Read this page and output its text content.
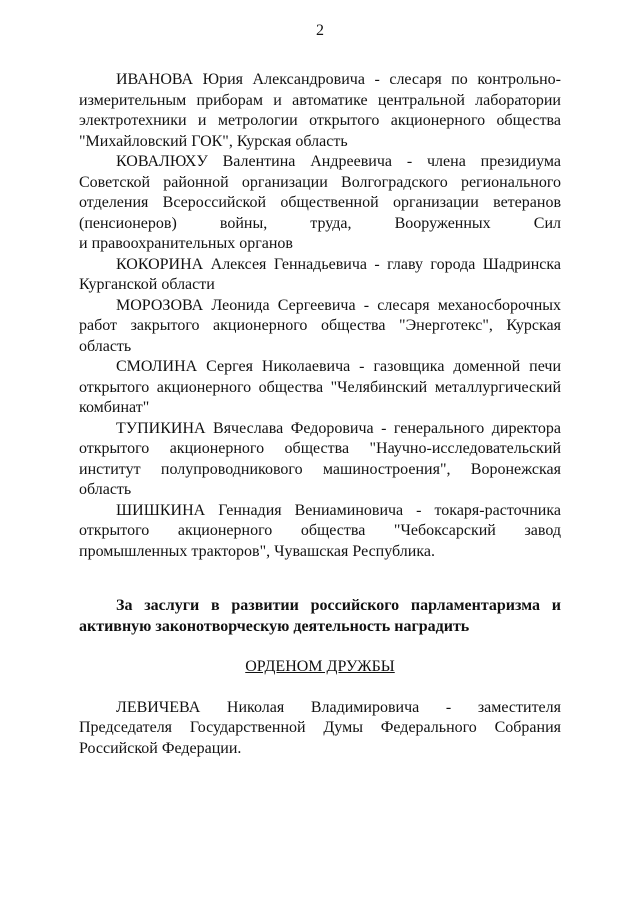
2
ИВАНОВА Юрия Александровича - слесаря по контрольно-
измерительным приборам и автоматике центральной лаборатории
электротехники и метрологии открытого акционерного общества
"Михайловский ГОК", Курская область
КОВАЛЮХУ Валентина Андреевича - члена президиума
Советской районной организации Волгоградского регионального
отделения Всероссийской общественной организации ветеранов
(пенсионеров) войны, труда, Вооруженных Сил
и правоохранительных органов
КОКОРИНА Алексея Геннадьевича - главу города Шадринска
Курганской области
МОРОЗОВА Леонида Сергеевича - слесаря механосборочных
работ закрытого акционерного общества "Энерготекс", Курская
область
СМОЛИНА Сергея Николаевича - газовщика доменной печи
открытого акционерного общества "Челябинский металлургический
комбинат"
ТУПИКИНА Вячеслава Федоровича - генерального директора
открытого акционерного общества "Научно-исследовательский
институт полупроводникового машиностроения", Воронежская
область
ШИШКИНА Геннадия Вениаминовича - токаря-расточника
открытого акционерного общества "Чебоксарский завод
промышленных тракторов", Чувашская Республика.
За заслуги в развитии российского парламентаризма и
активную законотворческую деятельность наградить
ОРДЕНОМ ДРУЖБЫ
ЛЕВИЧЕВА Николая Владимировича - заместителя
Председателя Государственной Думы Федерального Собрания
Российской Федерации.
